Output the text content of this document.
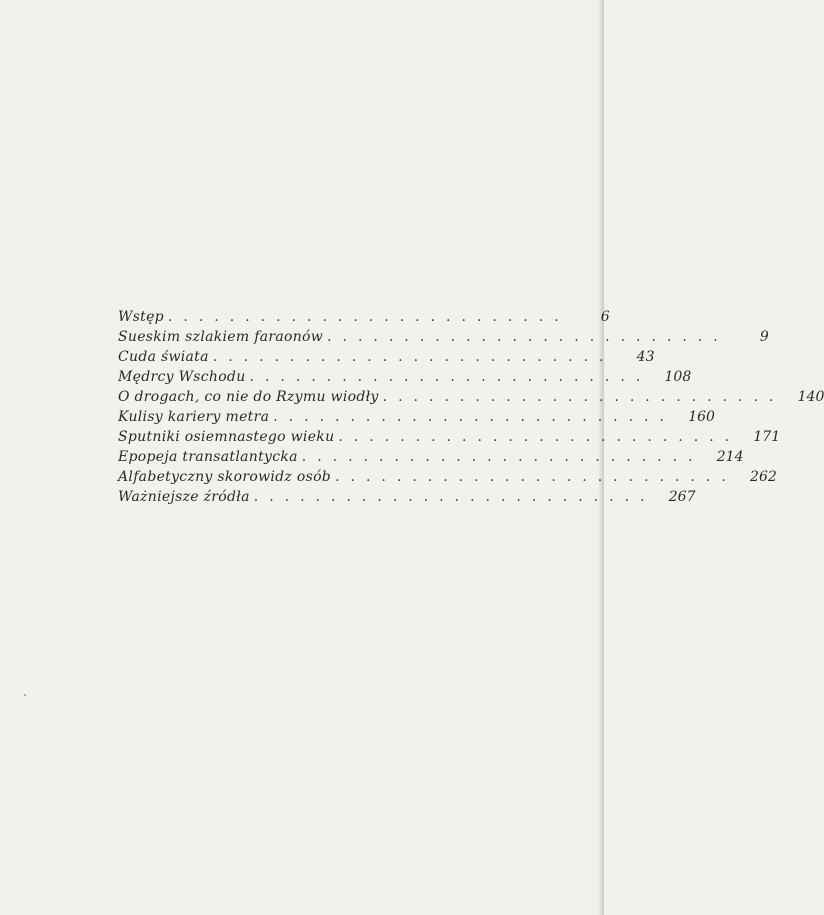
Wstęp ..........................	6
Sueskim szlakiem faraonów ..........................	9
Cuda świata ..........................	43
Mędrcy Wschodu .......................... 108
O drogach, co nie do Rzymu wiodły .......................... 140
Kulisy kariery metra .......................... 160
Sputniki osiemnastego wieku .......................... 171
Epopeja transatlantycka .......................... 214
Alfabetyczny skorowidz osób .......................... 262
Ważniejsze źródła .......................... 267
